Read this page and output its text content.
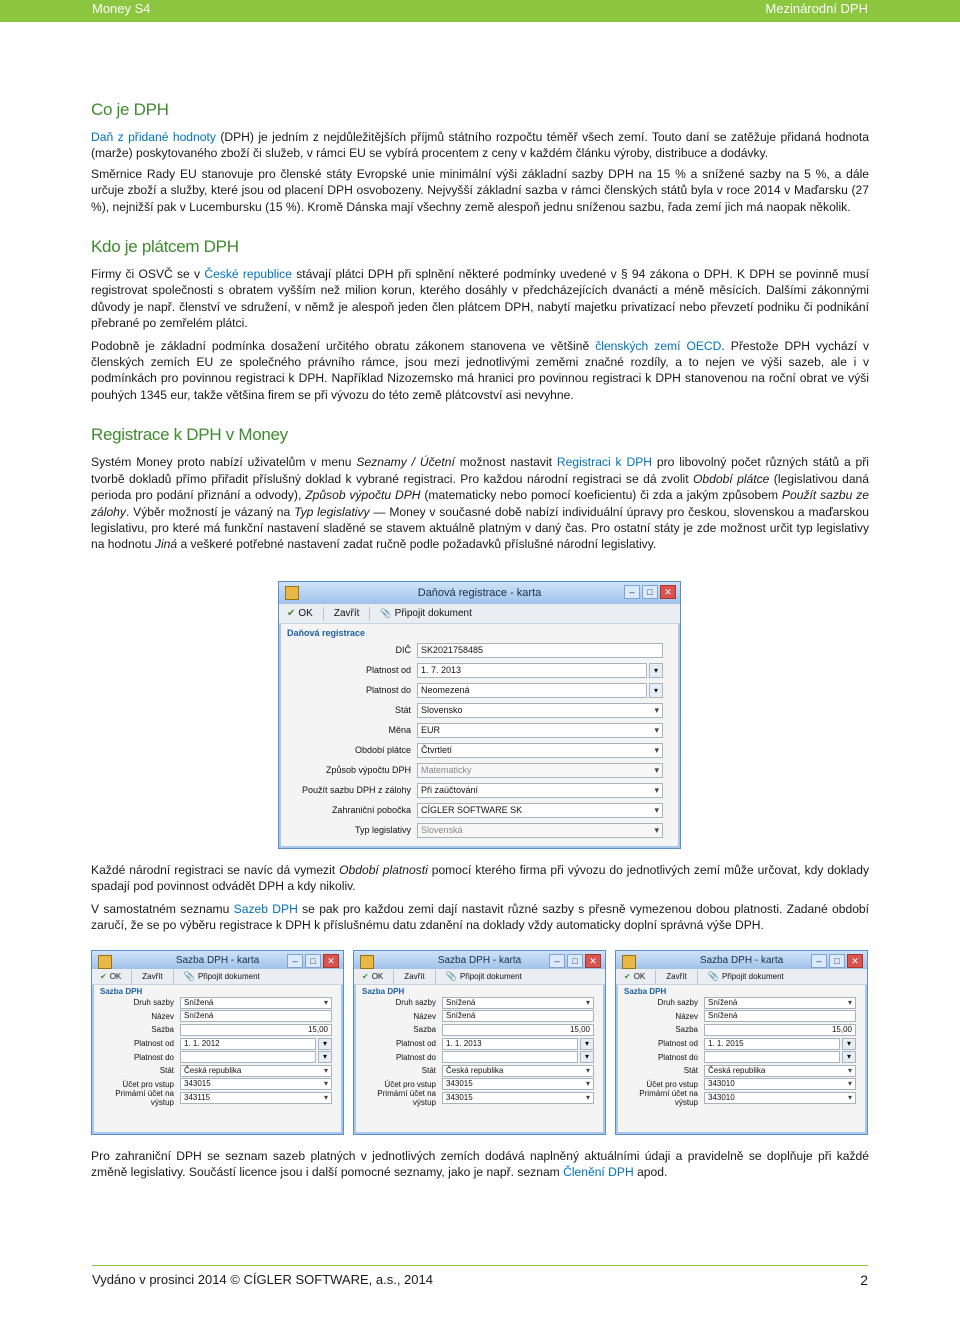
Money S4	Mezinárodní DPH
Co je DPH

Daň z přidané hodnoty (DPH) je jedním z nejdůležitějších příjmů státního rozpočtu téměř všech zemí. Touto daní se zatěžuje přidaná hodnota (marže) poskytovaného zboží či služeb, v rámci EU se vybírá procentem z ceny v každém článku výroby, distribuce a dodávky.

Směrnice Rady EU stanovuje pro členské státy Evropské unie minimální výši základní sazby DPH na 15 % a snížené sazby na 5 %, a dále určuje zboží a služby, které jsou od placení DPH osvobozeny. Nejvyšší základní sazba v rámci členských států byla v roce 2014 v Maďarsku (27 %), nejnižší pak v Lucembursku (15 %). Kromě Dánska mají všechny země alespoň jednu sníženou sazbu, řada zemí jich má naopak několik.

Kdo je plátcem DPH

Firmy či OSVČ se v České republice stávají plátci DPH při splnění některé podmínky uvedené v § 94 zákona o DPH. K DPH se povinně musí registrovat společnosti s obratem vyšším než milion korun, kterého dosáhly v předcházejících dvanácti a méně měsících. Dalšími zákonnými důvody je např. členství ve sdružení, v němž je alespoň jeden člen plátcem DPH, nabytí majetku privatizací nebo převzetí podniku či podnikání přebrané po zemřelém plátci.

Podobně je základní podmínka dosažení určitého obratu zákonem stanovena ve většině členských zemí OECD. Přestože DPH vychází v členských zemích EU ze společného právního rámce, jsou mezi jednotlivými zeměmi značné rozdíly, a to nejen ve výši sazeb, ale i v podmínkách pro povinnou registraci k DPH. Například Nizozemsko má hranici pro povinnou registraci k DPH stanovenou na roční obrat ve výši pouhých 1345 eur, takže většina firem se při vývozu do této země plátcovství asi nevyhne.

Registrace k DPH v Money

Systém Money proto nabízí uživatelům v menu Seznamy / Účetní možnost nastavit Registraci k DPH pro libovolný počet různých států a při tvorbě dokladů přímo přiřadit příslušný doklad k vybrané registraci. Pro každou národní registraci se dá zvolit Období plátce (legislativou daná perioda pro podání přiznání a odvody), Způsob výpočtu DPH (matematicky nebo pomocí koeficientu) či zda a jakým způsobem Použít sazbu ze zálohy. Výběr možností je vázaný na Typ legislativy — Money v současné době nabízí individuální úpravy pro českou, slovenskou a maďarskou legislativu, pro které má funkční nastavení sladěné se stavem aktuálně platným v daný čas. Pro ostatní státy je zde možnost určit typ legislativy na hodnotu Jiná a veškeré potřebné nastavení zadat ručně podle požadavků příslušné národní legislativy.

Daňová registrace - karta	–	□	✕
✔ OK Zavřít	📎 Připojit dokument
Daňová registrace
DIČ	SK2021758485
Platnost od	1. 7. 2013	▾
Platnost do	Neomezená	▾
Stát	Slovensko ▾
Měna	EUR ▾
Období plátce	Čtvrtletí ▾
Způsob výpočtu DPH	Matematicky ▾
Použít sazbu DPH z zálohy	Při zaúčtování ▾
Zahraniční pobočka	CÍGLER SOFTWARE SK ▾
Typ legislativy	Slovenská ▾

Každé národní registraci se navíc dá vymezit Období platnosti pomocí kterého firma při vývozu do jednotlivých zemí může určovat, kdy doklady spadají pod povinnost odvádět DPH a kdy nikoliv.

V samostatném seznamu Sazeb DPH se pak pro každou zemi dají nastavit různé sazby s přesně vymezenou dobou platnosti. Zadané období zaručí, že se po výběru registrace k DPH k příslušnému datu zdanění na doklady vždy automaticky doplní správná výše DPH.

Sazba DPH - karta	–	□	✕
✔ OK	Zavřít	📎 Připojit dokument
Sazba DPH
Druh sazby	Snížená ▾
Název	Snížená
Sazba	15,00
Platnost od	1. 1. 2012	▾
Platnost do	▾
Stát	Česká republika ▾
Účet pro vstup	343015 ▾
Primární účet na výstup
343115 ▾
Sazba DPH - karta	–	□	✕
✔ OK	Zavřít	📎 Připojit dokument
Sazba DPH
Druh sazby	Snížená ▾
Název	Snížená
Sazba	15,00
Platnost od	1. 1. 2013	▾
Platnost do	▾
Stát	Česká republika ▾
Účet pro vstup	343015 ▾
Primární účet na výstup
343015 ▾
Sazba DPH - karta	–	□	✕
✔ OK	Zavřít	📎 Připojit dokument
Sazba DPH
Druh sazby	Snížená ▾
Název	Snížená
Sazba	15,00
Platnost od	1. 1. 2015	▾
Platnost do	▾
Stát	Česká republika ▾
Účet pro vstup	343010 ▾
Primární účet na výstup
343010 ▾

Pro zahraniční DPH se seznam sazeb platných v jednotlivých zemích dodává naplněný aktuálními údaji a pravidelně se doplňuje při každé změně legislativy. Součástí licence jsou i další pomocné seznamy, jako je např. seznam Členění DPH apod.

Vydáno v prosinci 2014 © CÍGLER SOFTWARE, a.s., 2014	2
